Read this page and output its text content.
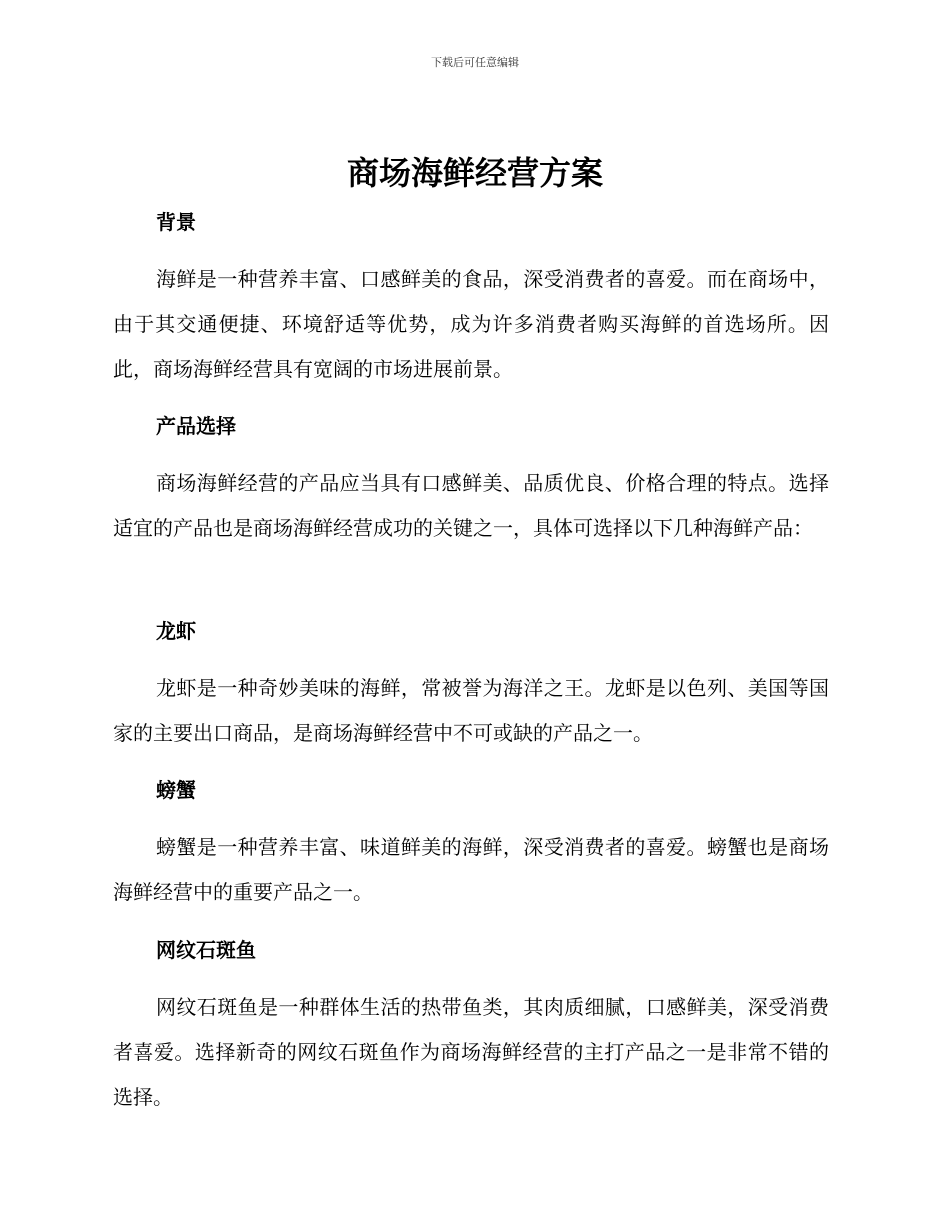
下载后可任意编辑
商场海鲜经营方案
背景
海鲜是一种营养丰富、口感鲜美的食品，深受消费者的喜爱。而在商场中，由于其交通便捷、环境舒适等优势，成为许多消费者购买海鲜的首选场所。因此，商场海鲜经营具有宽阔的市场进展前景。
产品选择
商场海鲜经营的产品应当具有口感鲜美、品质优良、价格合理的特点。选择适宜的产品也是商场海鲜经营成功的关键之一，具体可选择以下几种海鲜产品：
龙虾
龙虾是一种奇妙美味的海鲜，常被誉为海洋之王。龙虾是以色列、美国等国家的主要出口商品，是商场海鲜经营中不可或缺的产品之一。
螃蟹
螃蟹是一种营养丰富、味道鲜美的海鲜，深受消费者的喜爱。螃蟹也是商场海鲜经营中的重要产品之一。
网纹石斑鱼
网纹石斑鱼是一种群体生活的热带鱼类，其肉质细腻，口感鲜美，深受消费者喜爱。选择新奇的网纹石斑鱼作为商场海鲜经营的主打产品之一是非常不错的选择。
